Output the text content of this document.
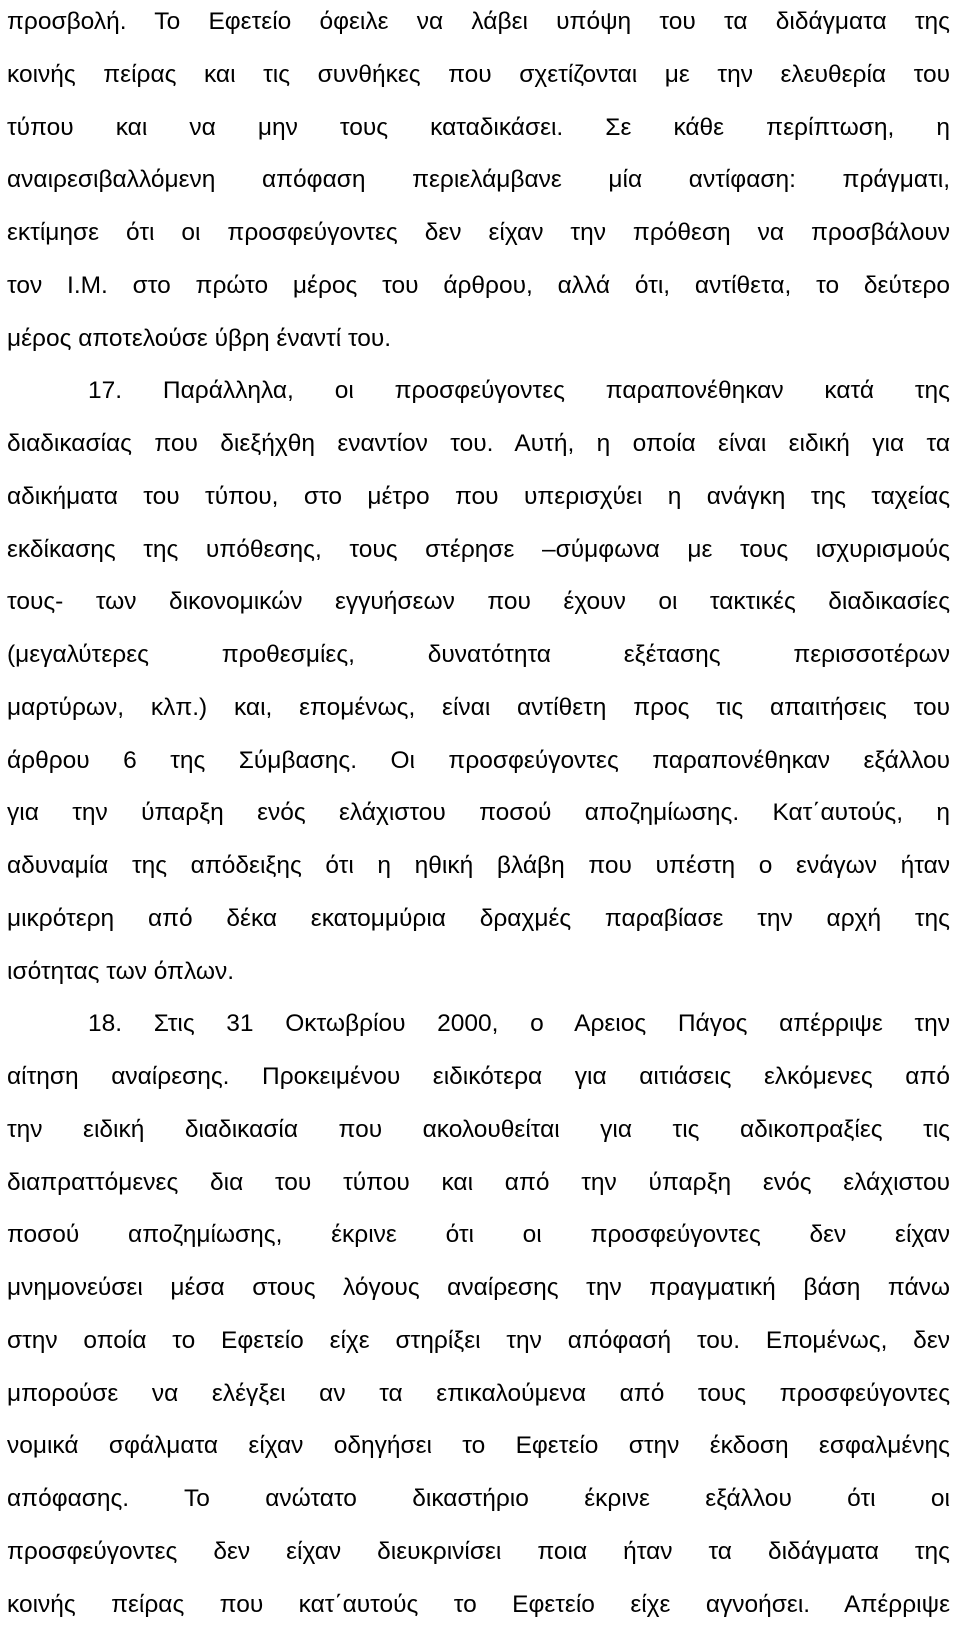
προσβολή. Το Εφετείο όφειλε να λάβει υπόψη του τα διδάγματα της
κοινής πείρας και τις συνθήκες που σχετίζονται με την ελευθερία του
τύπου και να μην τους καταδικάσει. Σε κάθε περίπτωση, η
αναιρεσιβαλλόμενη απόφαση περιελάμβανε μία αντίφαση: πράγματι,
εκτίμησε ότι οι προσφεύγοντες δεν είχαν την πρόθεση να προσβάλουν
τον Ι.Μ. στο πρώτο μέρος του άρθρου, αλλά ότι, αντίθετα, το δεύτερο
μέρος αποτελούσε ύβρη έναντί του.
17. Παράλληλα, οι προσφεύγοντες παραπονέθηκαν κατά της
διαδικασίας που διεξήχθη εναντίον του. Αυτή, η οποία είναι ειδική για τα
αδικήματα του τύπου, στο μέτρο που υπερισχύει η ανάγκη της ταχείας
εκδίκασης της υπόθεσης, τους στέρησε –σύμφωνα με τους ισχυρισμούς
τους- των δικονομικών εγγυήσεων που έχουν οι τακτικές διαδικασίες
(μεγαλύτερες προθεσμίες, δυνατότητα εξέτασης περισσοτέρων
μαρτύρων, κλπ.) και, επομένως, είναι αντίθετη προς τις απαιτήσεις του
άρθρου 6 της Σύμβασης. Οι προσφεύγοντες παραπονέθηκαν εξάλλου
για την ύπαρξη ενός ελάχιστου ποσού αποζημίωσης. Κατ΄αυτούς, η
αδυναμία της απόδειξης ότι η ηθική βλάβη που υπέστη ο ενάγων ήταν
μικρότερη από δέκα εκατομμύρια δραχμές παραβίασε την αρχή της
ισότητας των όπλων.
18. Στις 31 Οκτωβρίου 2000, ο Αρειος Πάγος απέρριψε την
αίτηση αναίρεσης. Προκειμένου ειδικότερα για αιτιάσεις ελκόμενες από
την ειδική διαδικασία που ακολουθείται για τις αδικοπραξίες τις
διαπραττόμενες δια του τύπου και από την ύπαρξη ενός ελάχιστου
ποσού αποζημίωσης, έκρινε ότι οι προσφεύγοντες δεν είχαν
μνημονεύσει μέσα στους λόγους αναίρεσης την πραγματική βάση πάνω
στην οποία το Εφετείο είχε στηρίξει την απόφασή του. Επομένως, δεν
μπορούσε να ελέγξει αν τα επικαλούμενα από τους προσφεύγοντες
νομικά σφάλματα είχαν οδηγήσει το Εφετείο στην έκδοση εσφαλμένης
απόφασης. Το ανώτατο δικαστήριο έκρινε εξάλλου ότι οι
προσφεύγοντες δεν είχαν διευκρινίσει ποια ήταν τα διδάγματα της
κοινής πείρας που κατ΄αυτούς το Εφετείο είχε αγνοήσει. Απέρριψε
